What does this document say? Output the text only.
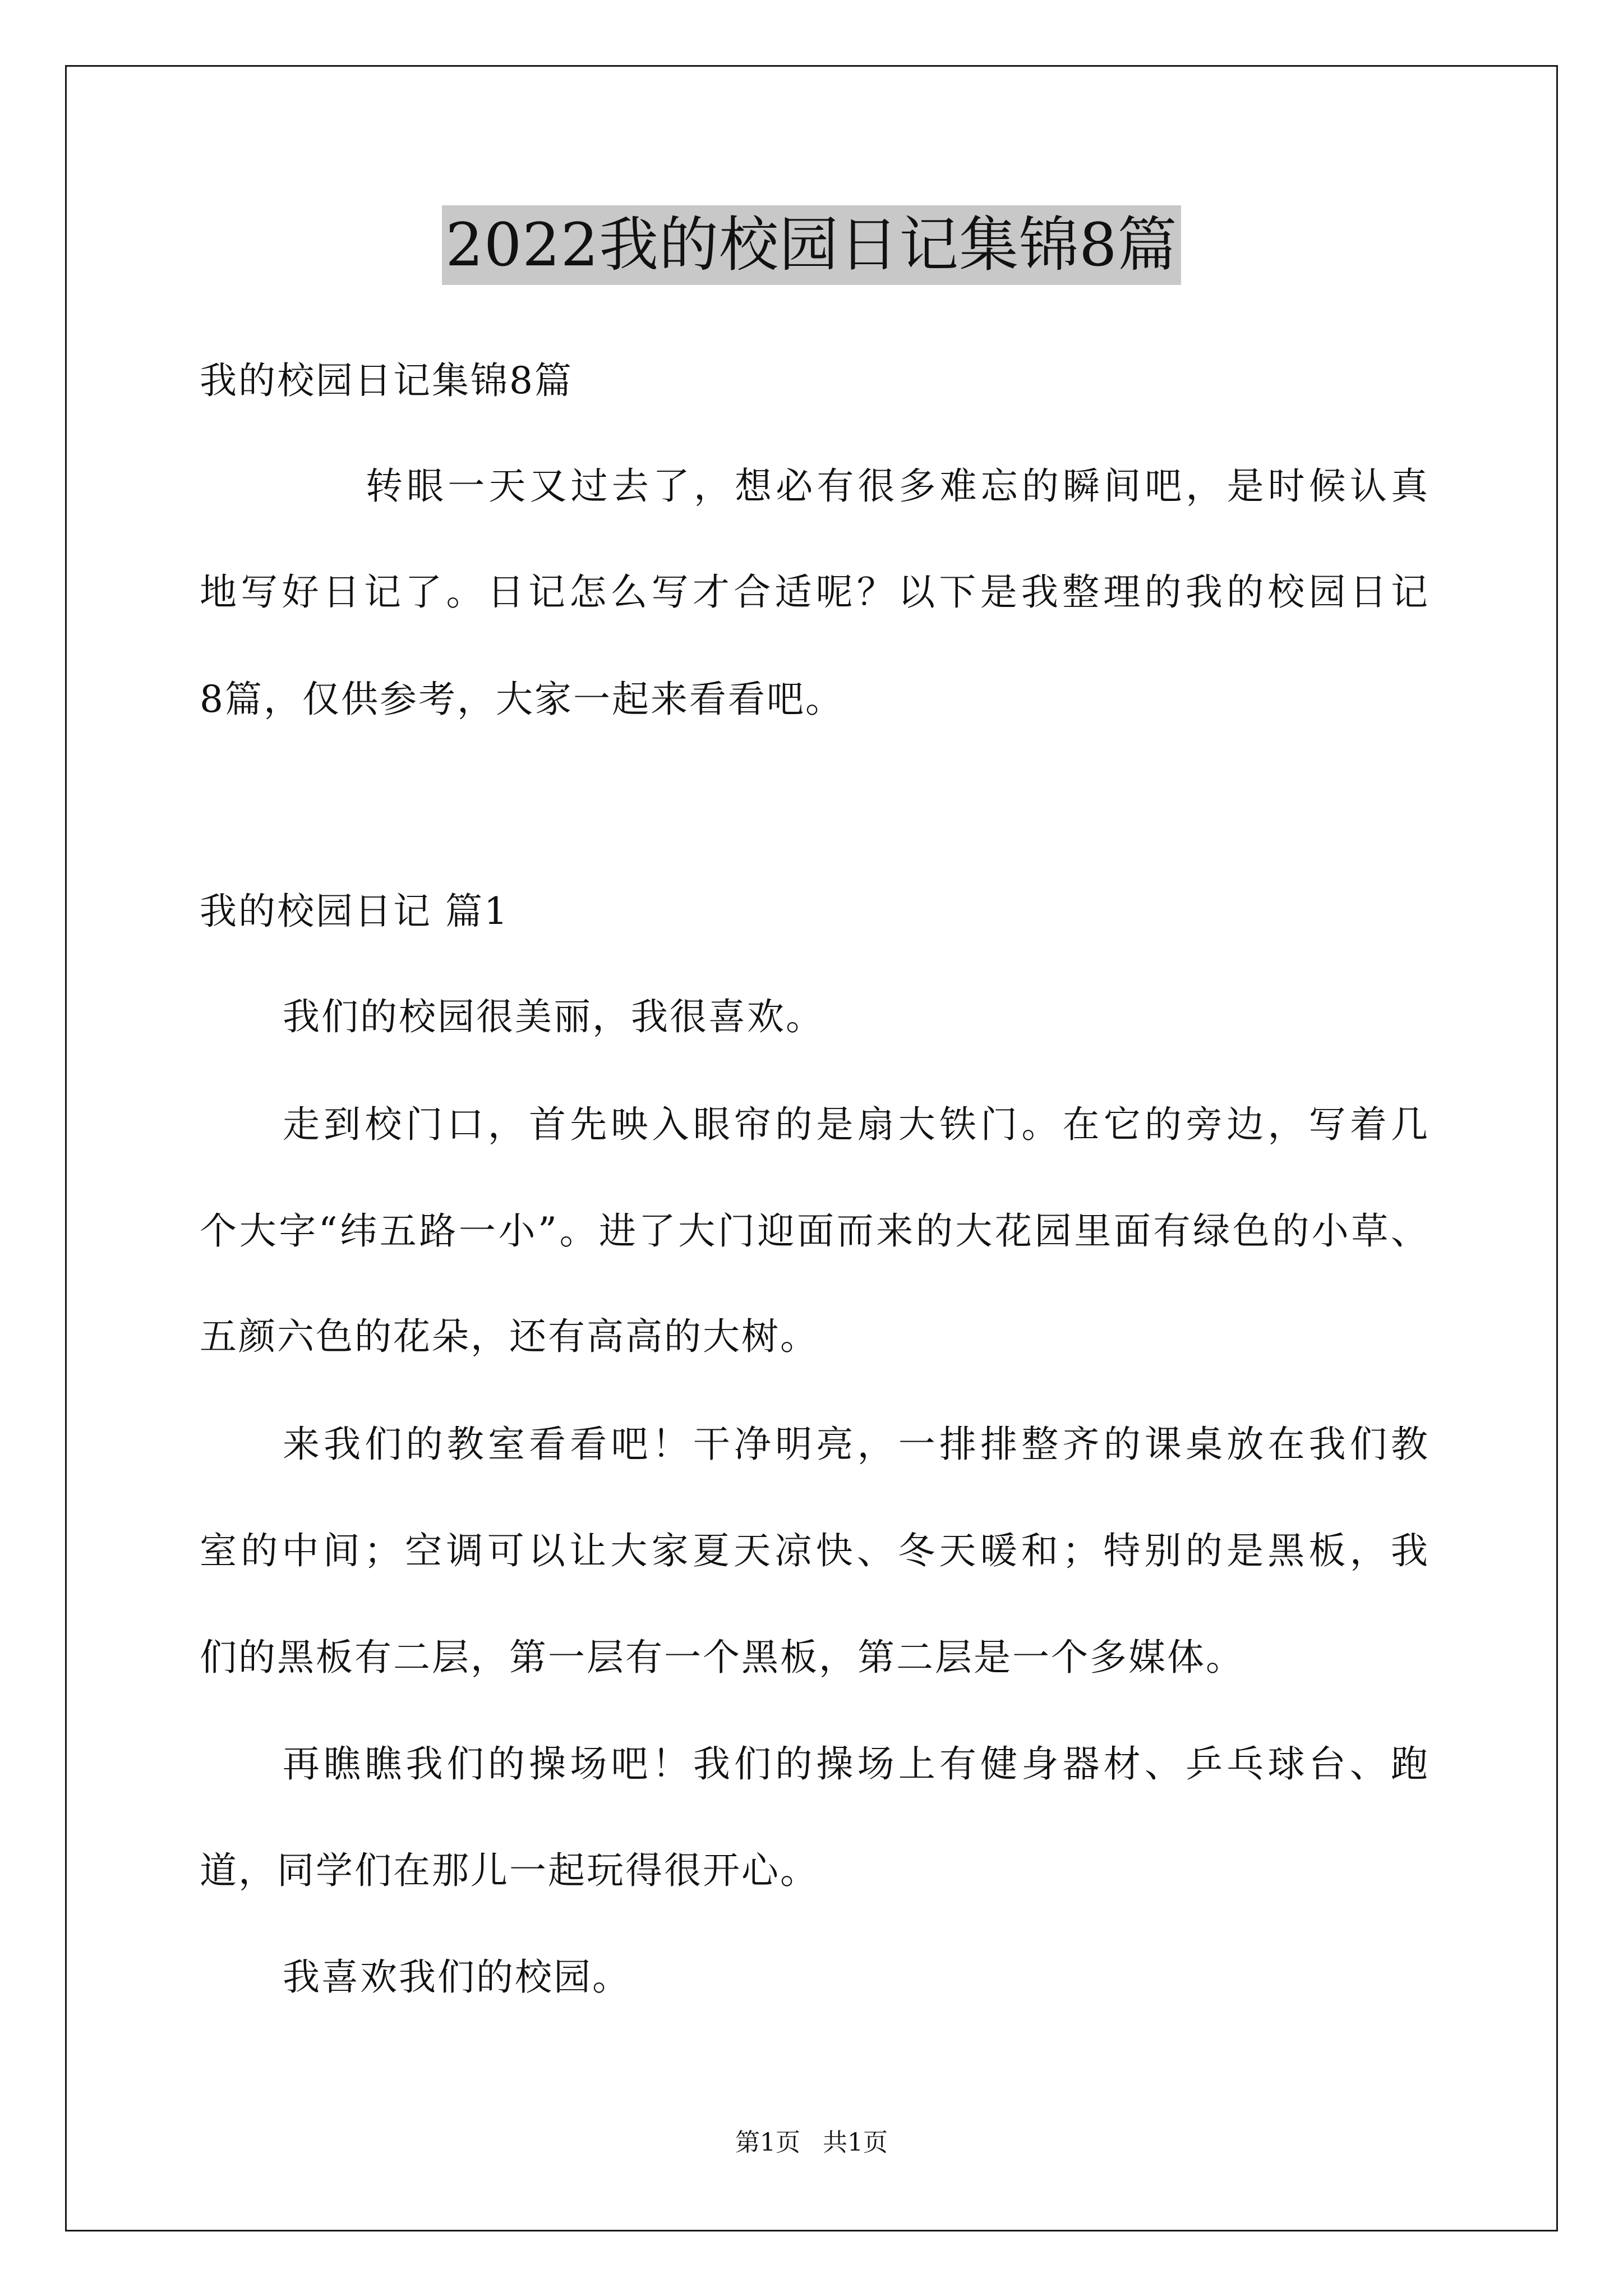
2022我的校园日记集锦8篇
我的校园日记集锦8篇
转眼一天又过去了，想必有很多难忘的瞬间吧，是时候认真
地写好日记了。日记怎么写才合适呢？以下是我整理的我的校园日记
8篇，仅供参考，大家一起来看看吧。
我的校园日记 篇1
我们的校园很美丽，我很喜欢。
走到校门口，首先映入眼帘的是扇大铁门。在它的旁边，写着几
个大字“纬五路一小”。进了大门迎面而来的大花园里面有绿色的小草、
五颜六色的花朵，还有高高的大树。
来我们的教室看看吧！干净明亮，一排排整齐的课桌放在我们教
室的中间；空调可以让大家夏天凉快、冬天暖和；特别的是黑板，我
们的黑板有二层，第一层有一个黑板，第二层是一个多媒体。
再瞧瞧我们的操场吧！我们的操场上有健身器材、乒乓球台、跑
道，同学们在那儿一起玩得很开心。
我喜欢我们的校园。
第1页 共1页
